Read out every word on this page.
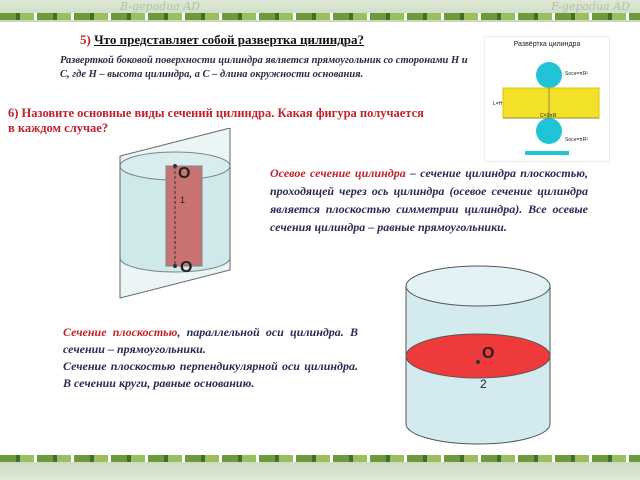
B-gepadua AD	F-gepadua AD
5) Что представляет собой развертка цилиндра?
Разверткой боковой поверхности цилиндра является прямоугольник со сторонами H и C, где H – высота цилиндра, а C – длина окружности основания.
6) Назовите основные виды сечений цилиндра. Какая фигура получается в каждом случае?
Развёртка цилиндра
Sосн=πR²
L=H
C=2πR
Sосн=πR²
O
1
O
Осевое сечение цилиндра – сечение цилиндра плоскостью, проходящей через ось цилиндра (осевое сечение цилиндра является плоскостью симметрии цилиндра). Все осевые сечения цилиндра – равные прямоугольники.

Сечение плоскостью, параллельной оси цилиндра. В сечении – прямоугольники.

Сечение плоскостью перпендикулярной оси цилиндра. В сечении круги, равные основанию.

O
2
